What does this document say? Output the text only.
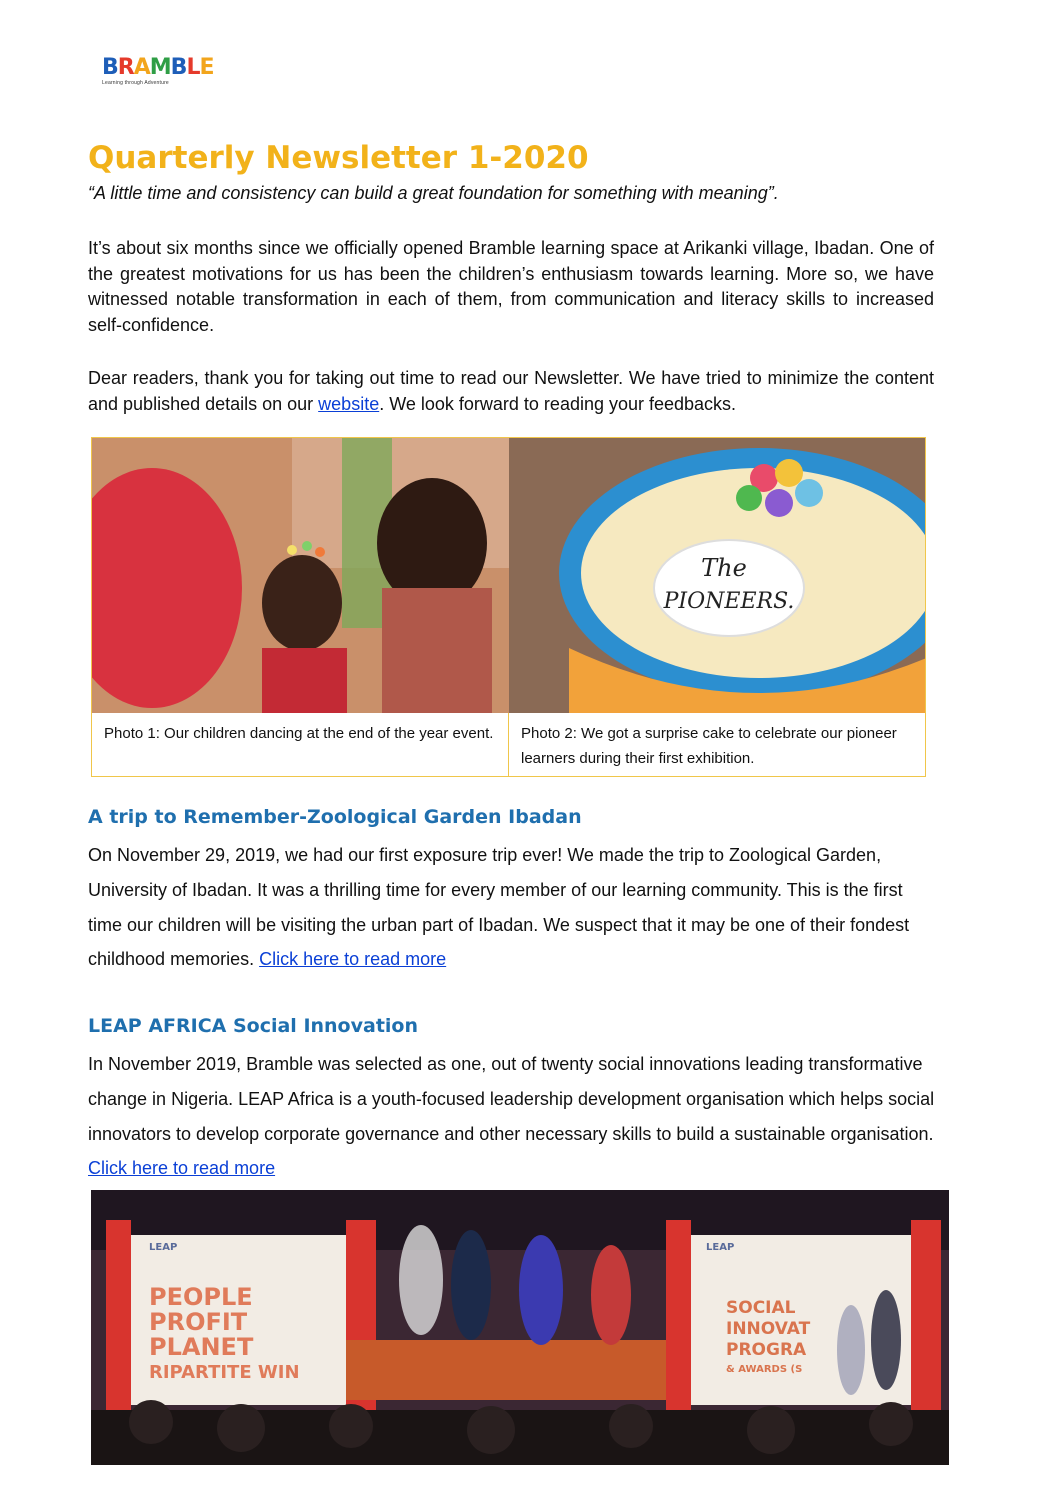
BRAMBLE
Learning through Adventure
Quarterly Newsletter 1-2020

“A little time and consistency can build a great foundation for something with meaning”.

It’s about six months since we officially opened Bramble learning space at Arikanki village, Ibadan. One of the greatest motivations for us has been the children’s enthusiasm towards learning. More so, we have witnessed notable transformation in each of them, from communication and literacy skills to increased self-confidence.

Dear readers, thank you for taking out time to read our Newsletter. We have tried to minimize the content and published details on our website. We look forward to reading your feedbacks.

The
PIONEERS.
Photo 1: Our children dancing at the end of the year event.	Photo 2: We got a surprise cake to celebrate our pioneer learners during their first exhibition.
A trip to Remember-Zoological Garden Ibadan

On November 29, 2019, we had our first exposure trip ever! We made the trip to Zoological Garden, University of Ibadan. It was a thrilling time for every member of our learning community. This is the first time our children will be visiting the urban part of Ibadan. We suspect that it may be one of their fondest childhood memories. Click here to read more

LEAP AFRICA Social Innovation

In November 2019, Bramble was selected as one, out of twenty social innovations leading transformative change in Nigeria. LEAP Africa is a youth-focused leadership development organisation which helps social innovators to develop corporate governance and other necessary skills to build a sustainable organisation. Click here to read more

LEAP
PEOPLE
PROFIT
PLANET
RIPARTITE WIN
LEAP
SOCIAL
INNOVAT
PROGRA
& AWARDS (S
